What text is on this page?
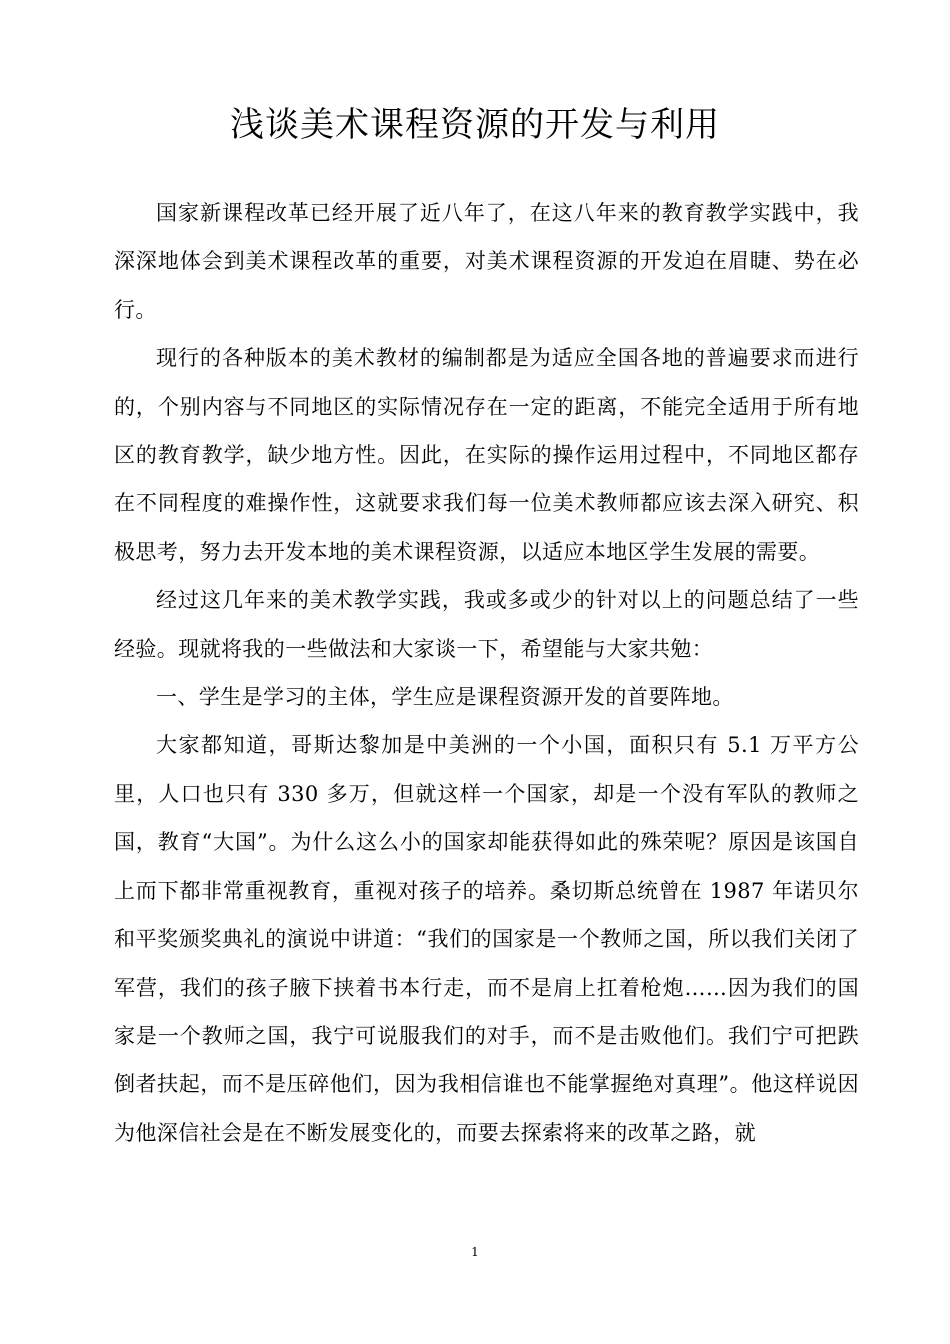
浅谈美术课程资源的开发与利用

国家新课程改革已经开展了近八年了，在这八年来的教育教学实践中，我深深地体会到美术课程改革的重要，对美术课程资源的开发迫在眉睫、势在必行。

现行的各种版本的美术教材的编制都是为适应全国各地的普遍要求而进行的，个别内容与不同地区的实际情况存在一定的距离，不能完全适用于所有地区的教育教学，缺少地方性。因此，在实际的操作运用过程中，不同地区都存在不同程度的难操作性，这就要求我们每一位美术教师都应该去深入研究、积极思考，努力去开发本地的美术课程资源，以适应本地区学生发展的需要。

经过这几年来的美术教学实践，我或多或少的针对以上的问题总结了一些经验。现就将我的一些做法和大家谈一下，希望能与大家共勉：

一、学生是学习的主体，学生应是课程资源开发的首要阵地。

大家都知道，哥斯达黎加是中美洲的一个小国，面积只有 5.1 万平方公里，人口也只有 330 多万，但就这样一个国家，却是一个没有军队的教师之国，教育“大国”。为什么这么小的国家却能获得如此的殊荣呢？原因是该国自上而下都非常重视教育，重视对孩子的培养。桑切斯总统曾在 1987 年诺贝尔和平奖颁奖典礼的演说中讲道：“我们的国家是一个教师之国，所以我们关闭了军营，我们的孩子腋下挟着书本行走，而不是肩上扛着枪炮……因为我们的国家是一个教师之国，我宁可说服我们的对手，而不是击败他们。我们宁可把跌倒者扶起，而不是压碎他们，因为我相信谁也不能掌握绝对真理”。他这样说因为他深信社会是在不断发展变化的，而要去探索将来的改革之路，就

1
